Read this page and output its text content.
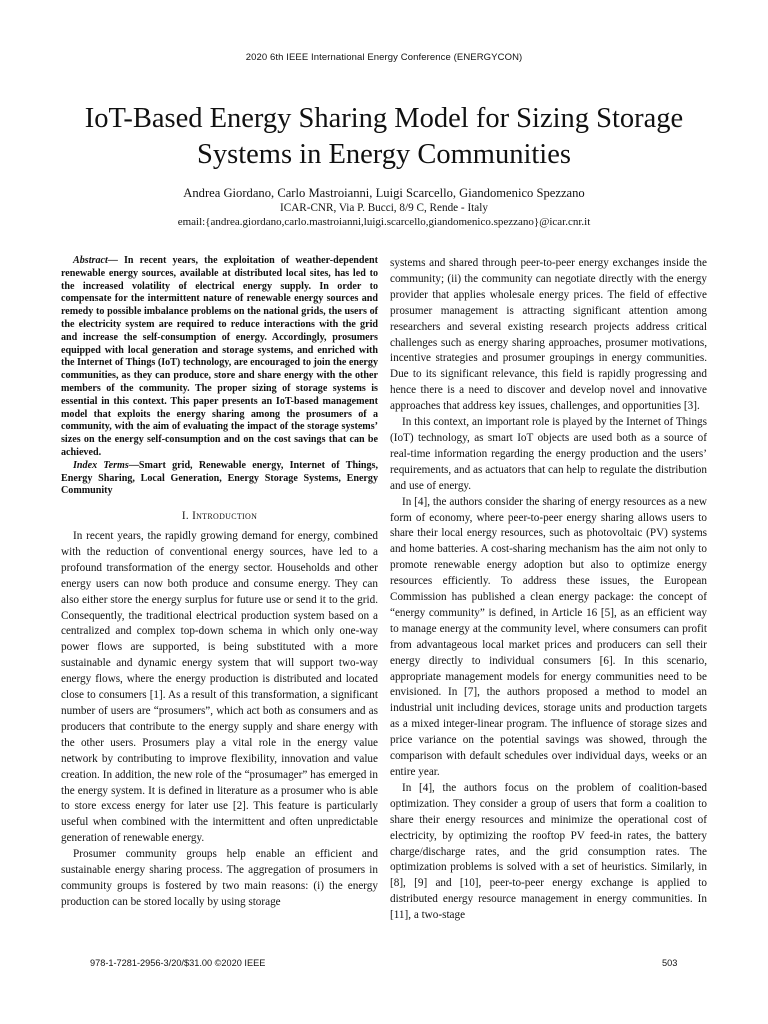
2020 6th IEEE International Energy Conference (ENERGYCON)
IoT-Based Energy Sharing Model for Sizing Storage Systems in Energy Communities
Andrea Giordano, Carlo Mastroianni, Luigi Scarcello, Giandomenico Spezzano
ICAR-CNR, Via P. Bucci, 8/9 C, Rende - Italy
email:{andrea.giordano,carlo.mastroianni,luigi.scarcello,giandomenico.spezzano}@icar.cnr.it

Abstract— In recent years, the exploitation of weather-dependent renewable energy sources, available at distributed local sites, has led to the increased volatility of electrical energy supply. In order to compensate for the intermittent nature of renewable energy sources and remedy to possible imbalance problems on the national grids, the users of the electricity system are required to reduce interactions with the grid and increase the self-consumption of energy. Accordingly, prosumers equipped with local generation and storage systems, and enriched with the Internet of Things (IoT) technology, are encouraged to join the energy communities, as they can produce, store and share energy with the other members of the community. The proper sizing of storage systems is essential in this context. This paper presents an IoT-based management model that exploits the energy sharing among the prosumers of a community, with the aim of evaluating the impact of the storage systems’ sizes on the energy self-consumption and on the cost savings that can be achieved.

Index Terms—Smart grid, Renewable energy, Internet of Things, Energy Sharing, Local Generation, Energy Storage Systems, Energy Community

I. Introduction

In recent years, the rapidly growing demand for energy, combined with the reduction of conventional energy sources, have led to a profound transformation of the energy sector. Households and other energy users can now both produce and consume energy. They can also either store the energy surplus for future use or send it to the grid. Consequently, the traditional electrical production system based on a centralized and complex top-down schema in which only one-way power flows are supported, is being substituted with a more sustainable and dynamic energy system that will support two-way energy flows, where the energy production is distributed and located close to consumers [1]. As a result of this transformation, a significant number of users are “prosumers”, which act both as consumers and as producers that contribute to the energy supply and share energy with the other users. Prosumers play a vital role in the energy value network by contributing to improve flexibility, innovation and value creation. In addition, the new role of the “prosumager” has emerged in the energy system. It is defined in literature as a prosumer who is able to store excess energy for later use [2]. This feature is particularly useful when combined with the intermittent and often unpredictable generation of renewable energy.

Prosumer community groups help enable an efficient and sustainable energy sharing process. The aggregation of prosumers in community groups is fostered by two main reasons: (i) the energy production can be stored locally by using storage

systems and shared through peer-to-peer energy exchanges inside the community; (ii) the community can negotiate directly with the energy provider that applies wholesale energy prices. The field of effective prosumer management is attracting significant attention among researchers and several existing research projects address critical challenges such as energy sharing approaches, prosumer motivations, incentive strategies and prosumer groupings in energy communities. Due to its significant relevance, this field is rapidly progressing and hence there is a need to discover and develop novel and innovative approaches that address key issues, challenges, and opportunities [3].

In this context, an important role is played by the Internet of Things (IoT) technology, as smart IoT objects are used both as a source of real-time information regarding the energy production and the users’ requirements, and as actuators that can help to regulate the distribution and use of energy.

In [4], the authors consider the sharing of energy resources as a new form of economy, where peer-to-peer energy sharing allows users to share their local energy resources, such as photovoltaic (PV) systems and home batteries. A cost-sharing mechanism has the aim not only to promote renewable energy adoption but also to optimize energy resources efficiently. To address these issues, the European Commission has published a clean energy package: the concept of “energy community” is defined, in Article 16 [5], as an efficient way to manage energy at the community level, where consumers can profit from advantageous local market prices and producers can sell their energy directly to individual consumers [6]. In this scenario, appropriate management models for energy communities need to be envisioned. In [7], the authors proposed a method to model an industrial unit including devices, storage units and production targets as a mixed integer-linear program. The influence of storage sizes and price variance on the potential savings was showed, through the comparison with default schedules over individual days, weeks or an entire year.

In [4], the authors focus on the problem of coalition-based optimization. They consider a group of users that form a coalition to share their energy resources and minimize the operational cost of electricity, by optimizing the rooftop PV feed-in rates, the battery charge/discharge rates, and the grid consumption rates. The optimization problems is solved with a set of heuristics. Similarly, in [8], [9] and [10], peer-to-peer energy exchange is applied to distributed energy resource management in energy communities. In [11], a two-stage

978-1-7281-2956-3/20/$31.00 ©2020 IEEE	503
